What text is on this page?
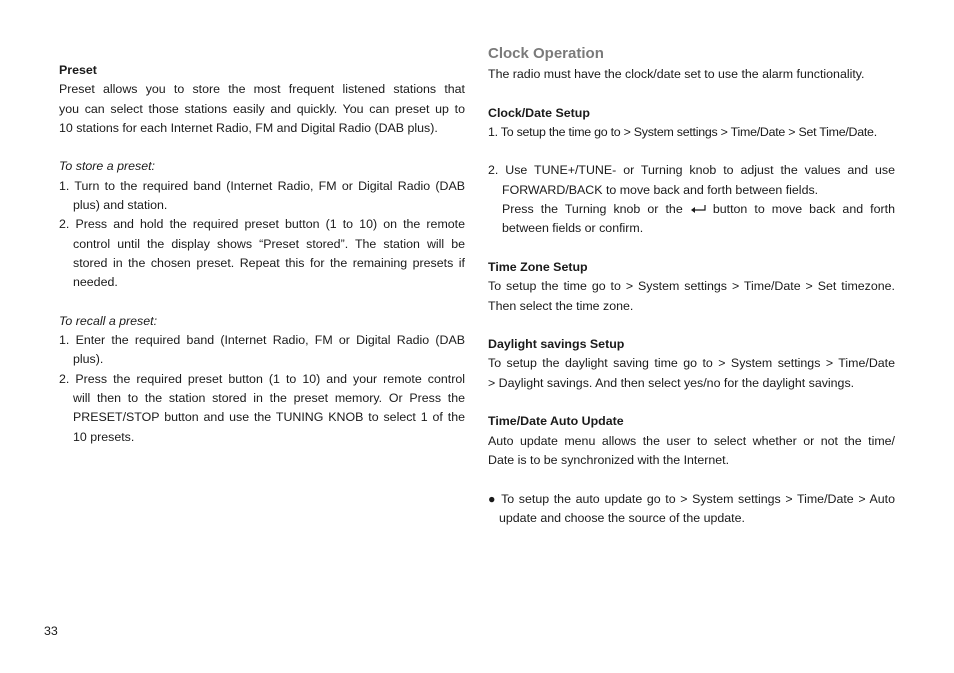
Preset

Preset allows you to store the most frequent listened stations that

you can select those stations easily and quickly. You can preset up to

10 stations for each Internet Radio, FM and Digital Radio (DAB plus).

To store a preset:

1. Turn to the required band (Internet Radio, FM or Digital Radio (DAB

plus) and station.

2. Press and hold the required preset button (1 to 10) on the remote

control until the display shows “Preset stored”. The station will be

stored in the chosen preset. Repeat this for the remaining presets if

needed.

To recall a preset:

1. Enter the required band (Internet Radio, FM or Digital Radio (DAB

plus).

2. Press the required preset button (1 to 10) and your remote control

will then to the station stored in the preset memory. Or Press the

PRESET/STOP button and use the TUNING KNOB to select 1 of the

10 presets.

Clock Operation

The radio must have the clock/date set to use the alarm functionality.

Clock/Date Setup

1. To setup the time go to > System settings > Time/Date > Set Time/Date.

2. Use TUNE+/TUNE- or Turning knob to adjust the values and use

FORWARD/BACK to move back and forth between fields.

Press the Turning knob or the button to move back and forth

between fields or confirm.

Time Zone Setup

To setup the time go to > System settings > Time/Date > Set timezone.

Then select the time zone.

Daylight savings Setup

To setup the daylight saving time go to > System settings > Time/Date

> Daylight savings. And then select yes/no for the daylight savings.

Time/Date Auto Update

Auto update menu allows the user to select whether or not the time/

Date is to be synchronized with the Internet.

● To setup the auto update go to > System settings > Time/Date > Auto

update and choose the source of the update.

33
